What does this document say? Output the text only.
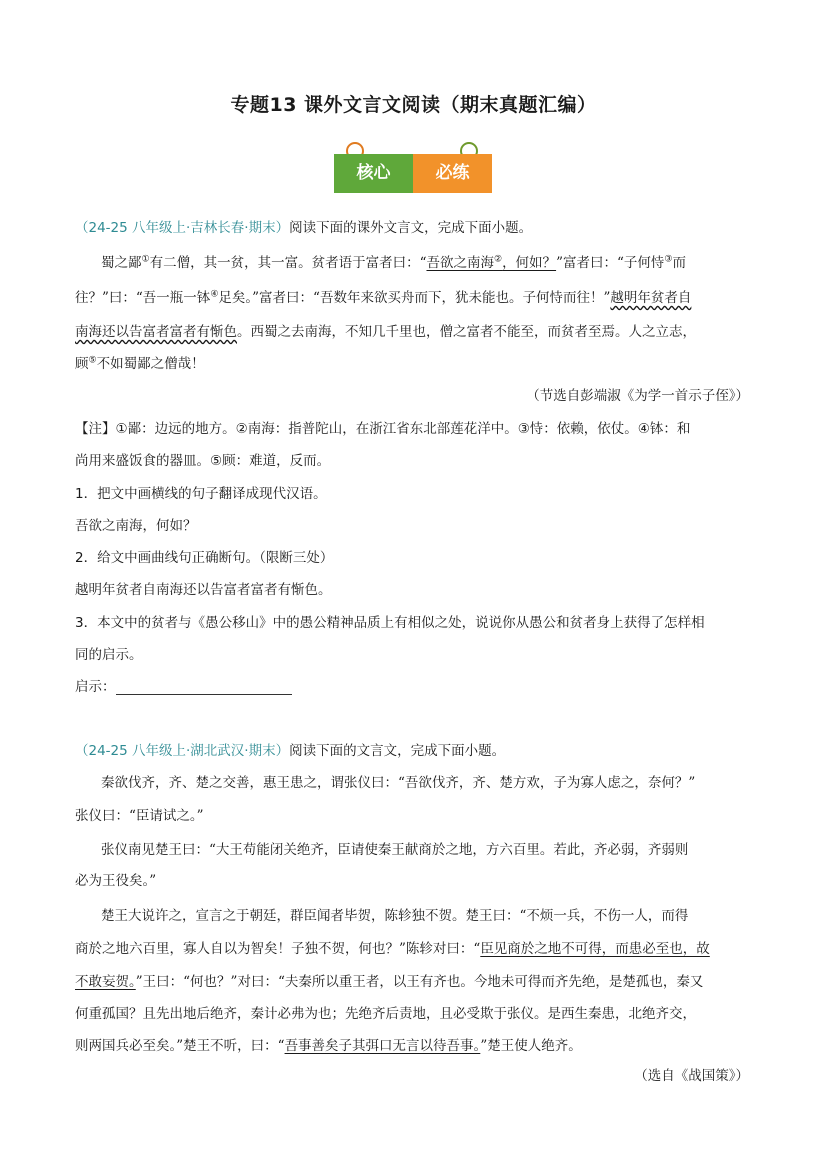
专题13 课外文言文阅读（期末真题汇编）
核心	必练
（24-25 八年级上·吉林长春·期末）阅读下面的课外文言文，完成下面小题。
蜀之鄙①有二僧，其一贫，其一富。贫者语于富者曰：“吾欲之南海②，何如？”富者曰：“子何恃③而
往？”曰：“吾一瓶一钵④足矣。”富者曰：“吾数年来欲买舟而下，犹未能也。子何恃而往！”越明年贫者自
南海还以告富者富者有惭色。西蜀之去南海，不知几千里也，僧之富者不能至，而贫者至焉。人之立志，
顾⑤不如蜀鄙之僧哉！
（节选自彭端淑《为学一首示子侄》）
【注】①鄙：边远的地方。②南海：指普陀山，在浙江省东北部莲花洋中。③恃：依赖，依仗。④钵：和
尚用来盛饭食的器皿。⑤顾：难道，反而。
1．把文中画横线的句子翻译成现代汉语。
吾欲之南海，何如？
2．给文中画曲线句正确断句。（限断三处）
越明年贫者自南海还以告富者富者有惭色。
3．本文中的贫者与《愚公移山》中的愚公精神品质上有相似之处，说说你从愚公和贫者身上获得了怎样相
同的启示。
启示：
（24-25 八年级上·湖北武汉·期末）阅读下面的文言文，完成下面小题。
秦欲伐齐，齐、楚之交善，惠王患之，谓张仪曰：“吾欲伐齐，齐、楚方欢，子为寡人虑之，奈何？”
张仪曰：“臣请试之。”
张仪南见楚王曰：“大王苟能闭关绝齐，臣请使秦王献商於之地，方六百里。若此，齐必弱，齐弱则
必为王役矣。”
楚王大说许之，宣言之于朝廷，群臣闻者毕贺，陈轸独不贺。楚王曰：“不烦一兵，不伤一人，而得
商於之地六百里，寡人自以为智矣！子独不贺，何也？”陈轸对曰：“臣见商於之地不可得，而患必至也，故
不敢妄贺。”王曰：“何也？”对曰：“夫秦所以重王者，以王有齐也。今地未可得而齐先绝，是楚孤也，秦又
何重孤国？且先出地后绝齐，秦计必弗为也；先绝齐后责地，且必受欺于张仪。是西生秦患，北绝齐交，
则两国兵必至矣。”楚王不听，曰：“吾事善矣子其弭口无言以待吾事。”楚王使人绝齐。
（选自《战国策》）
